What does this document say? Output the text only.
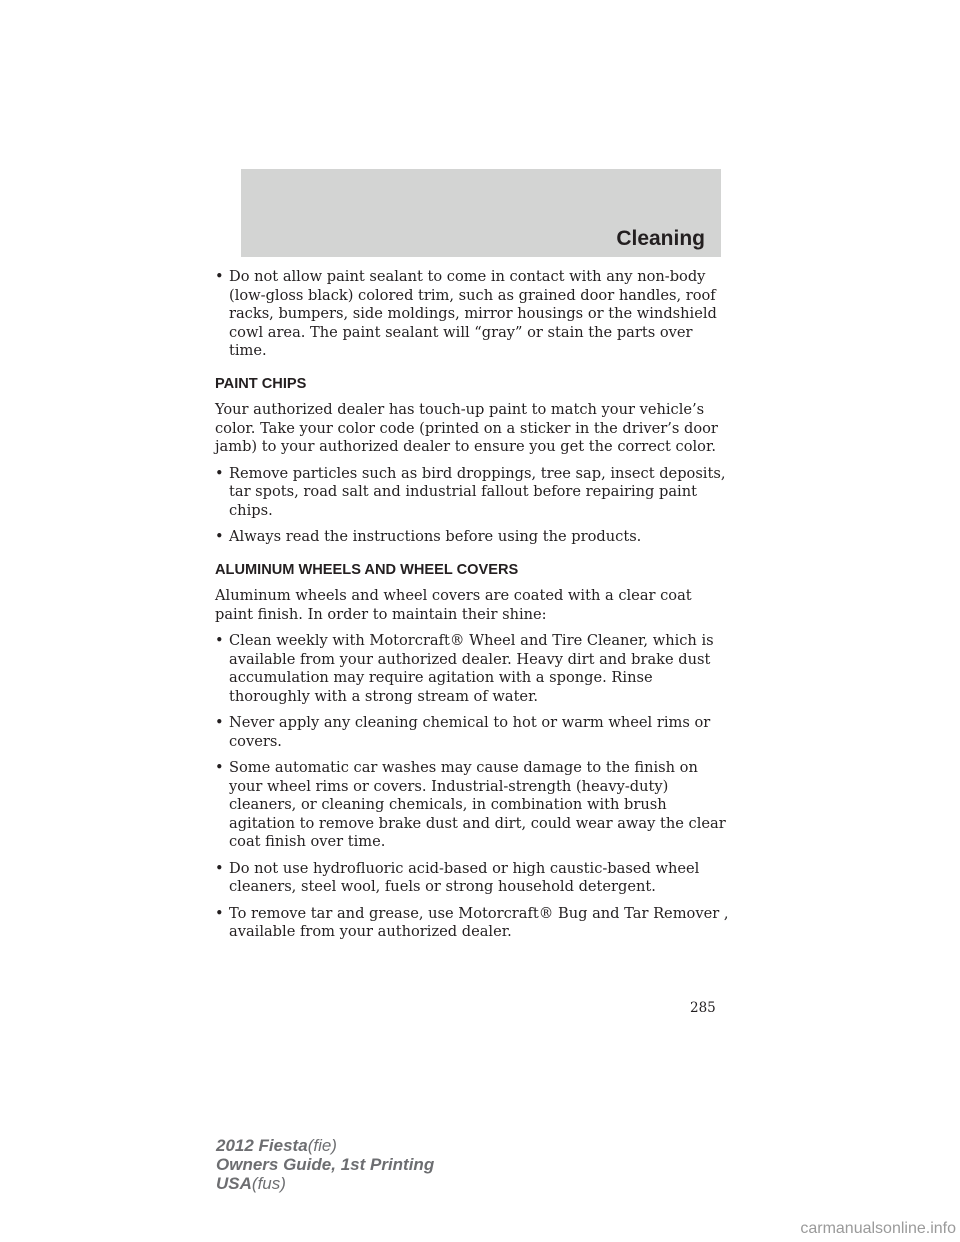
Cleaning
• Do not allow paint sealant to come in contact with any non-body (low-gloss black) colored trim, such as grained door handles, roof racks, bumpers, side moldings, mirror housings or the windshield cowl area. The paint sealant will “gray” or stain the parts over time.
PAINT CHIPS

Your authorized dealer has touch-up paint to match your vehicle’s color. Take your color code (printed on a sticker in the driver’s door jamb) to your authorized dealer to ensure you get the correct color.

• Remove particles such as bird droppings, tree sap, insect deposits, tar spots, road salt and industrial fallout before repairing paint chips.
• Always read the instructions before using the products.
ALUMINUM WHEELS AND WHEEL COVERS

Aluminum wheels and wheel covers are coated with a clear coat paint finish. In order to maintain their shine:

• Clean weekly with Motorcraft® Wheel and Tire Cleaner, which is available from your authorized dealer. Heavy dirt and brake dust accumulation may require agitation with a sponge. Rinse thoroughly with a strong stream of water.
• Never apply any cleaning chemical to hot or warm wheel rims or covers.
• Some automatic car washes may cause damage to the finish on your wheel rims or covers. Industrial-strength (heavy-duty) cleaners, or cleaning chemicals, in combination with brush agitation to remove brake dust and dirt, could wear away the clear coat finish over time.
• Do not use hydrofluoric acid-based or high caustic-based wheel cleaners, steel wool, fuels or strong household detergent.
• To remove tar and grease, use Motorcraft® Bug and Tar Remover , available from your authorized dealer.
285
2012 Fiesta(fie)
Owners Guide, 1st Printing
USA(fus)
carmanualsonline.info
